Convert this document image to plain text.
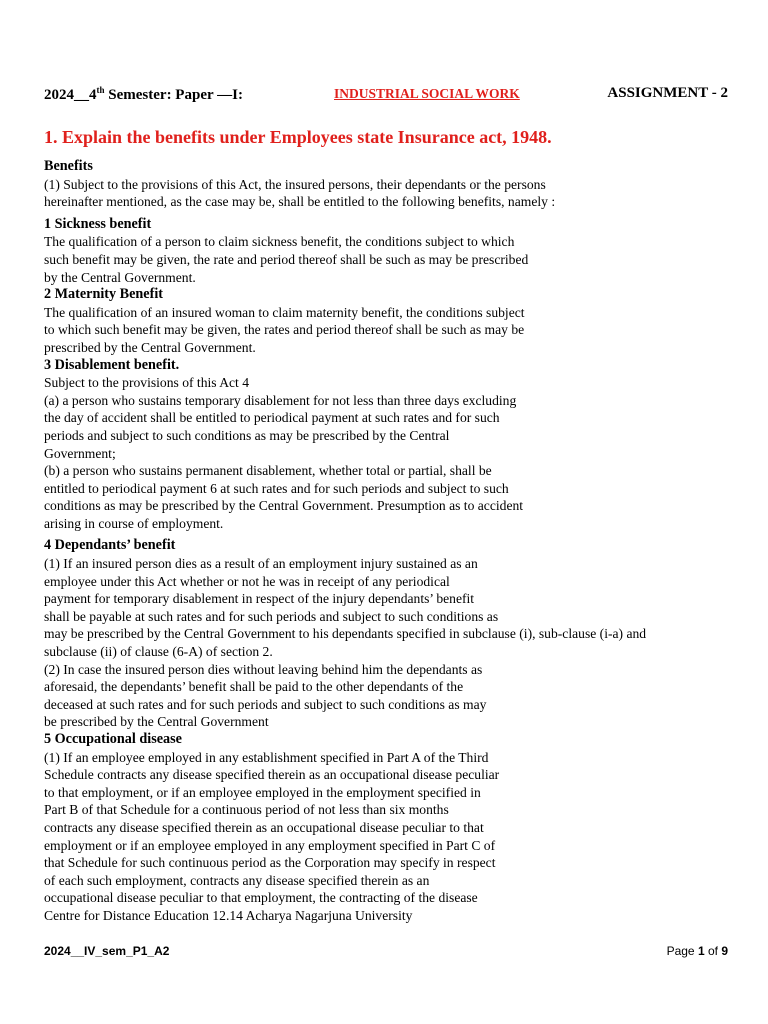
2024__4th Semester: Paper —I:	INDUSTRIAL SOCIAL WORK	ASSIGNMENT - 2
1. Explain the benefits under Employees state Insurance act, 1948.
Benefits
(1) Subject to the provisions of this Act, the insured persons, their dependants or the persons
hereinafter mentioned, as the case may be, shall be entitled to the following benefits, namely :
1 Sickness benefit
The qualification of a person to claim sickness benefit, the conditions subject to which
such benefit may be given, the rate and period thereof shall be such as may be prescribed
by the Central Government.
2 Maternity Benefit
The qualification of an insured woman to claim maternity benefit, the conditions subject
to which such benefit may be given, the rates and period thereof shall be such as may be
prescribed by the Central Government.
3 Disablement benefit.
Subject to the provisions of this Act 4
(a) a person who sustains temporary disablement for not less than three days excluding
the day of accident shall be entitled to periodical payment at such rates and for such
periods and subject to such conditions as may be prescribed by the Central
Government;
(b) a person who sustains permanent disablement, whether total or partial, shall be
entitled to periodical payment 6 at such rates and for such periods and subject to such
conditions as may be prescribed by the Central Government. Presumption as to accident
arising in course of employment.
4 Dependants’ benefit
(1) If an insured person dies as a result of an employment injury sustained as an
employee under this Act whether or not he was in receipt of any periodical
payment for temporary disablement in respect of the injury dependants’ benefit
shall be payable at such rates and for such periods and subject to such conditions as
may be prescribed by the Central Government to his dependants specified in subclause (i), sub-clause (i-a) and
subclause (ii) of clause (6-A) of section 2.
(2) In case the insured person dies without leaving behind him the dependants as
aforesaid, the dependants’ benefit shall be paid to the other dependants of the
deceased at such rates and for such periods and subject to such conditions as may
be prescribed by the Central Government
5 Occupational disease
(1) If an employee employed in any establishment specified in Part A of the Third
Schedule contracts any disease specified therein as an occupational disease peculiar
to that employment, or if an employee employed in the employment specified in
Part B of that Schedule for a continuous period of not less than six months
contracts any disease specified therein as an occupational disease peculiar to that
employment or if an employee employed in any employment specified in Part C of
that Schedule for such continuous period as the Corporation may specify in respect
of each such employment, contracts any disease specified therein as an
occupational disease peculiar to that employment, the contracting of the disease
Centre for Distance Education 12.14 Acharya Nagarjuna University
2024__IV_sem_P1_A2	Page 1 of 9
